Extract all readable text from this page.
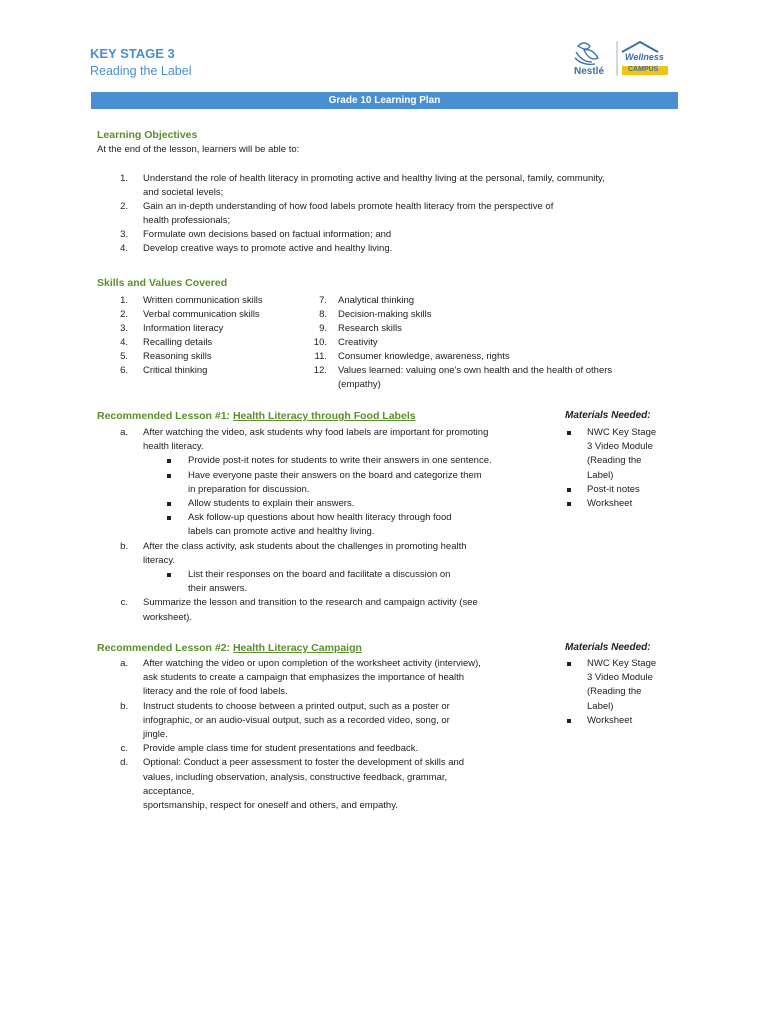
KEY STAGE 3
Reading the Label	Nestlé
Wellness
CAMPUS
Grade 10 Learning Plan
Learning Objectives
At the end of the lesson, learners will be able to:
1. Understand the role of health literacy in promoting active and healthy living at the personal, family, community,
and societal levels;
2. Gain an in-depth understanding of how food labels promote health literacy from the perspective of
health professionals;
3. Formulate own decisions based on factual information; and
4. Develop creative ways to promote active and healthy living.
Skills and Values Covered
1. Written communication skills
2. Verbal communication skills
3. Information literacy
4. Recalling details
5. Reasoning skills
6. Critical thinking
7. Analytical thinking
8. Decision-making skills
9. Research skills
10. Creativity
11. Consumer knowledge, awareness, rights
12. Values learned: valuing one's own health and the health of others
(empathy)
Recommended Lesson #1: Health Literacy through Food Labels
a. After watching the video, ask students why food labels are important for promoting
health literacy.
Provide post-it notes for students to write their answers in one sentence.
Have everyone paste their answers on the board and categorize them
in preparation for discussion.
Allow students to explain their answers.
Ask follow-up questions about how health literacy through food
labels can promote active and healthy living.
b. After the class activity, ask students about the challenges in promoting health
literacy.
List their responses on the board and facilitate a discussion on
their answers.
c. Summarize the lesson and transition to the research and campaign activity (see
worksheet).
Materials Needed:
NWC Key Stage
3 Video Module
(Reading the
Label)
Post-it notes
Worksheet
Recommended Lesson #2: Health Literacy Campaign
a. After watching the video or upon completion of the worksheet activity (interview),
ask students to create a campaign that emphasizes the importance of health
literacy and the role of food labels.
b. Instruct students to choose between a printed output, such as a poster or
infographic, or an audio-visual output, such as a recorded video, song, or
jingle.
c. Provide ample class time for student presentations and feedback.
d. Optional: Conduct a peer assessment to foster the development of skills and
values, including observation, analysis, constructive feedback, grammar,
acceptance,
sportsmanship, respect for oneself and others, and empathy.
Materials Needed:
NWC Key Stage
3 Video Module
(Reading the
Label)
Worksheet
